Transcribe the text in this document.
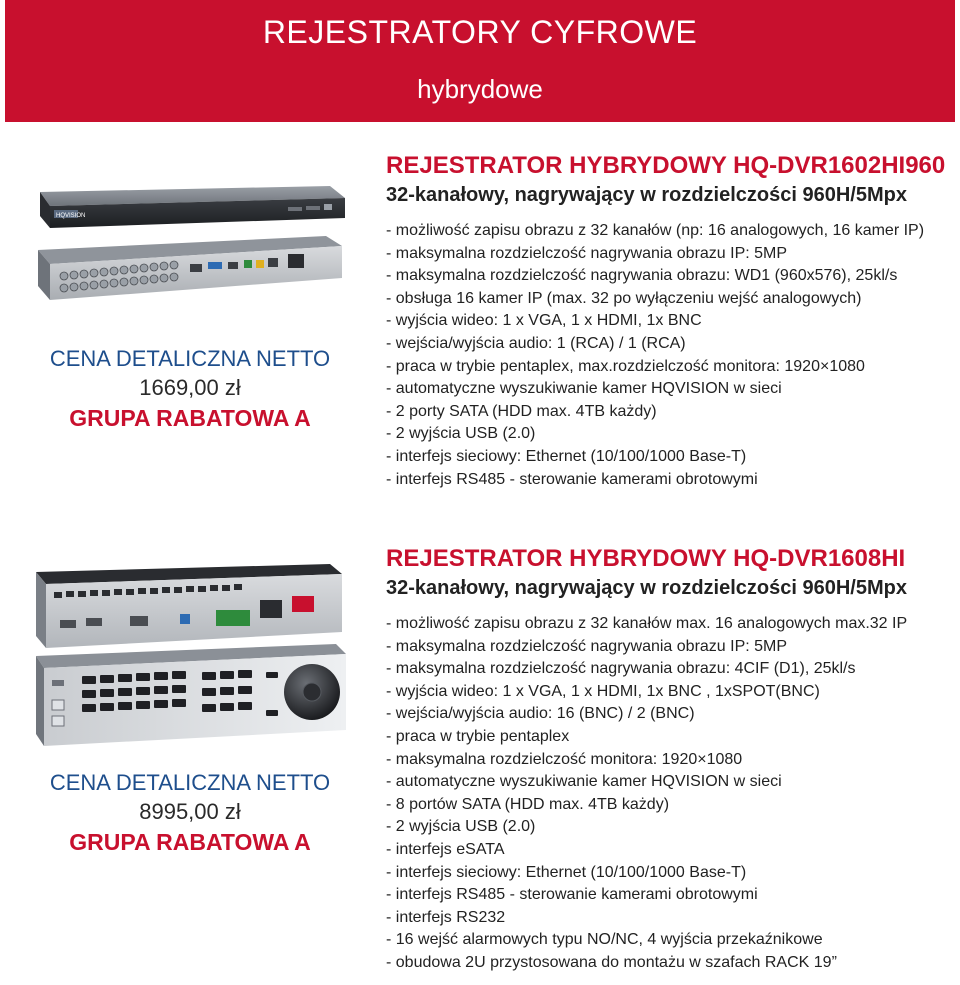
REJESTRATORY CYFROWE
hybrydowe
HQVISION
CENA DETALICZNA NETTO
1669,00 zł
GRUPA RABATOWA A
REJESTRATOR HYBRYDOWY HQ-DVR1602HI960
32-kanałowy, nagrywający w rozdzielczości 960H/5Mpx
- możliwość zapisu obrazu z 32 kanałów (np: 16 analogowych, 16 kamer IP)
- maksymalna rozdzielczość nagrywania obrazu IP: 5MP
- maksymalna rozdzielczość nagrywania obrazu: WD1 (960x576), 25kl/s
- obsługa 16 kamer IP (max. 32 po wyłączeniu wejść analogowych)
- wyjścia wideo: 1 x VGA, 1 x HDMI, 1x BNC
- wejścia/wyjścia audio: 1 (RCA) / 1 (RCA)
- praca w trybie pentaplex, max.rozdzielczość monitora: 1920×1080
- automatyczne wyszukiwanie kamer HQVISION w sieci
- 2 porty SATA (HDD max. 4TB każdy)
- 2 wyjścia USB (2.0)
- interfejs sieciowy: Ethernet (10/100/1000 Base-T)
- interfejs RS485 - sterowanie kamerami obrotowymi
CENA DETALICZNA NETTO
8995,00 zł
GRUPA RABATOWA A
REJESTRATOR HYBRYDOWY HQ-DVR1608HI
32-kanałowy, nagrywający w rozdzielczości 960H/5Mpx
- możliwość zapisu obrazu z 32 kanałów max. 16 analogowych max.32 IP
- maksymalna rozdzielczość nagrywania obrazu IP: 5MP
- maksymalna rozdzielczość nagrywania obrazu: 4CIF (D1), 25kl/s
- wyjścia wideo: 1 x VGA, 1 x HDMI, 1x BNC , 1xSPOT(BNC)
- wejścia/wyjścia audio: 16 (BNC) / 2 (BNC)
- praca w trybie pentaplex
- maksymalna rozdzielczość monitora: 1920×1080
- automatyczne wyszukiwanie kamer HQVISION w sieci
- 8 portów SATA (HDD max. 4TB każdy)
- 2 wyjścia USB (2.0)
- interfejs eSATA
- interfejs sieciowy: Ethernet (10/100/1000 Base-T)
- interfejs RS485 - sterowanie kamerami obrotowymi
- interfejs RS232
- 16 wejść alarmowych typu NO/NC, 4 wyjścia przekaźnikowe
- obudowa 2U przystosowana do montażu w szafach RACK 19”
